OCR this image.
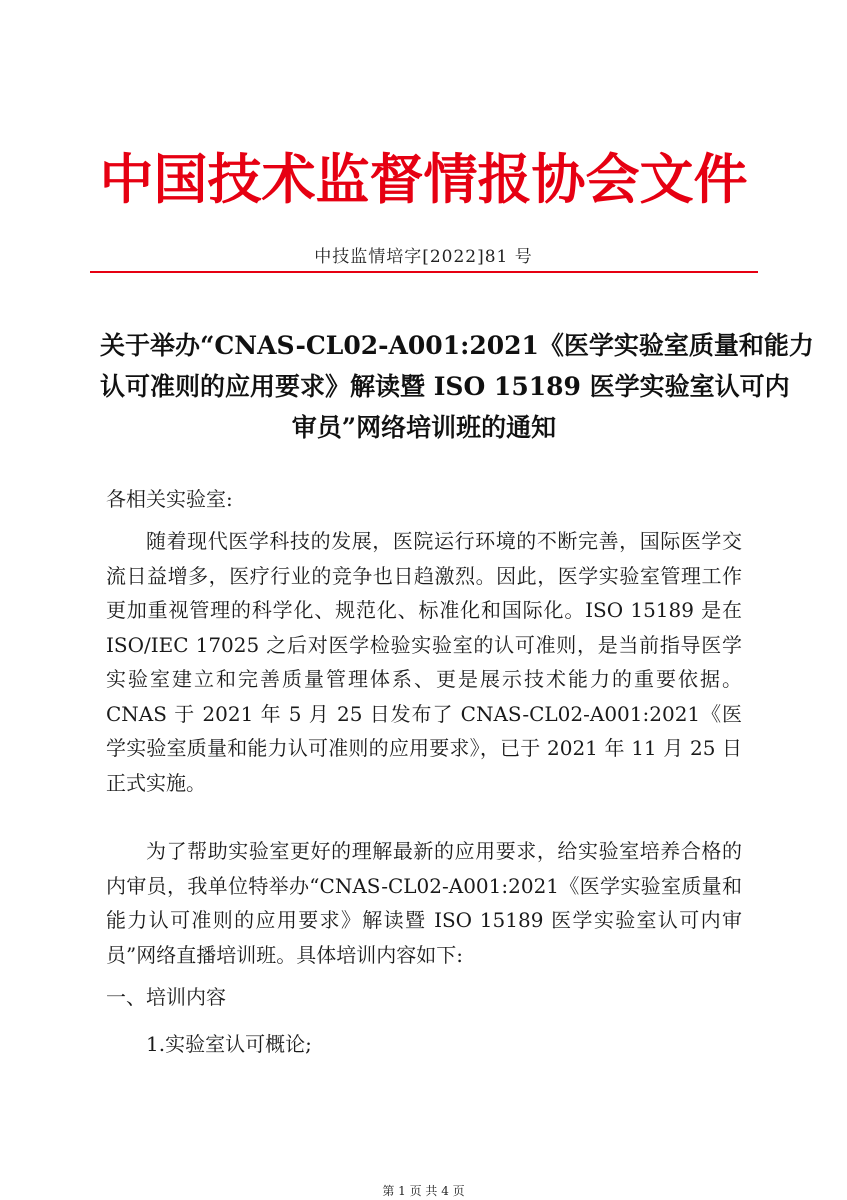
中国技术监督情报协会文件
中技监情培字[2022]81 号
关于举办“CNAS-CL02-A001:2021《医学实验室质量和能力
认可准则的应用要求》解读暨 ISO 15189 医学实验室认可内
审员”网络培训班的通知
各相关实验室:

随着现代医学科技的发展，医院运行环境的不断完善，国际医学交流日益增多，医疗行业的竞争也日趋激烈。因此，医学实验室管理工作更加重视管理的科学化、规范化、标准化和国际化。ISO 15189 是在 ISO/IEC 17025 之后对医学检验实验室的认可准则，是当前指导医学实验室建立和完善质量管理体系、更是展示技术能力的重要依据。CNAS 于 2021 年 5 月 25 日发布了 CNAS-CL02-A001:2021《医学实验室质量和能力认可准则的应用要求》，已于 2021 年 11 月 25 日正式实施。

为了帮助实验室更好的理解最新的应用要求，给实验室培养合格的内审员，我单位特举办“CNAS-CL02-A001:2021《医学实验室质量和能力认可准则的应用要求》解读暨 ISO 15189 医学实验室认可内审员”网络直播培训班。具体培训内容如下:

一、培训内容
1.实验室认可概论;
第 1 页 共 4 页
